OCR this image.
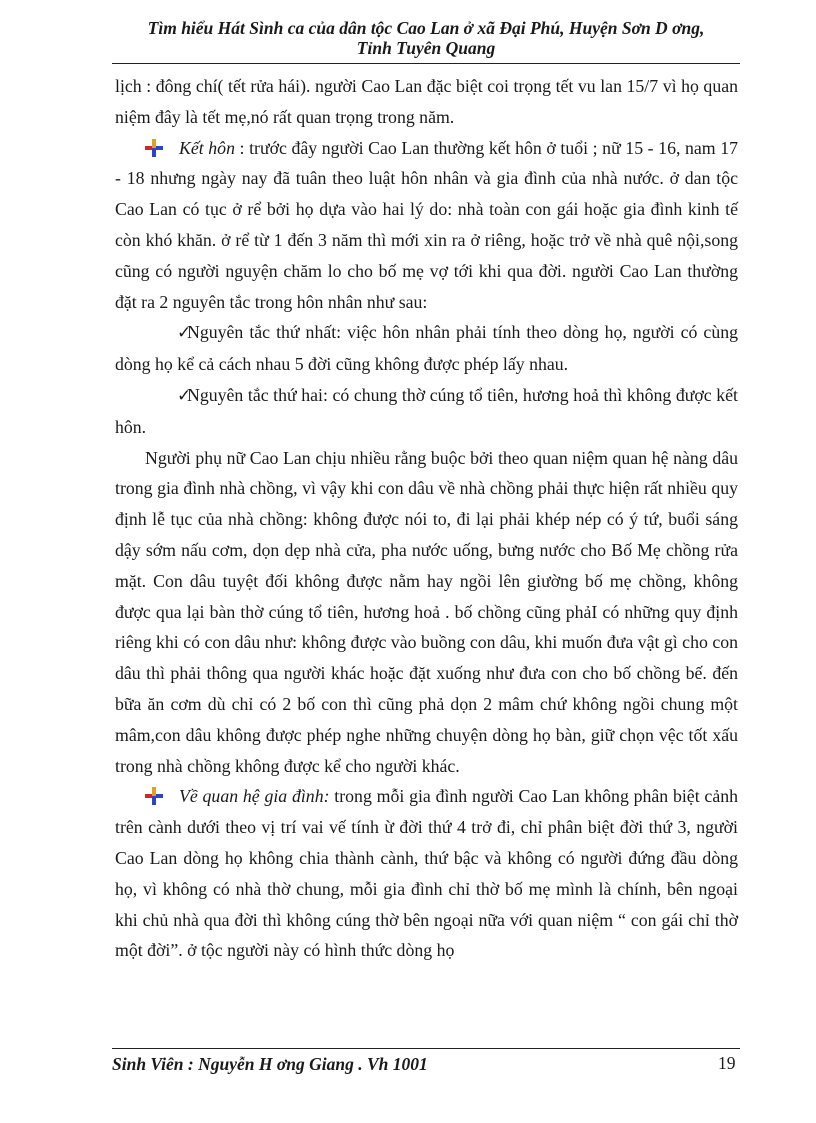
Tìm hiểu Hát Sình ca của dân tộc Cao Lan ở xã Đại Phú, Huyện Sơn D ơng,
Tỉnh Tuyên Quang

lịch : đông chí( tết rửa hái). người Cao Lan đặc biệt coi trọng tết vu lan 15/7 vì họ quan niệm đây là tết mẹ,nó rất quan trọng trong năm.

Kết hôn : trước đây người Cao Lan thường kết hôn ở tuổi ; nữ 15 - 16, nam 17 - 18 nhưng ngày nay đã tuân theo luật hôn nhân và gia đình của nhà nước. ở dan tộc Cao Lan có tục ở rể bởi họ dựa vào hai lý do: nhà toàn con gái hoặc gia đình kinh tế còn khó khăn. ở rể từ 1 đến 3 năm thì mới xin ra ở riêng, hoặc trở về nhà quê nội,song cũng có người nguyện chăm lo cho bố mẹ vợ tới khi qua đời. người Cao Lan thường đặt ra 2 nguyên tắc trong hôn nhân như sau:

✓Nguyên tắc thứ nhất: việc hôn nhân phải tính theo dòng họ, người có cùng dòng họ kể cả cách nhau 5 đời cũng không được phép lấy nhau.

✓Nguyên tắc thứ hai: có chung thờ cúng tổ tiên, hương hoả thì không được kết hôn.

Người phụ nữ Cao Lan chịu nhiều rằng buộc bởi theo quan niệm quan hệ nàng dâu trong gia đình nhà chồng, vì vậy khi con dâu về nhà chồng phải thực hiện rất nhiều quy định lễ tục của nhà chồng: không được nói to, đi lại phải khép nép có ý tứ, buổi sáng dậy sớm nấu cơm, dọn dẹp nhà cửa, pha nước uống, bưng nước cho Bố Mẹ chồng rửa mặt. Con dâu tuyệt đối không được nằm hay ngồi lên giường bố mẹ chồng, không được qua lại bàn thờ cúng tổ tiên, hương hoả . bố chồng cũng phảI có những quy định riêng khi có con dâu như: không được vào buồng con dâu, khi muốn đưa vật gì cho con dâu thì phải thông qua người khác hoặc đặt xuống như đưa con cho bố chồng bế. đến bữa ăn cơm dù chỉ có 2 bố con thì cũng phả dọn 2 mâm chứ không ngồi chung một mâm,con dâu không được phép nghe những chuyện dòng họ bàn, giữ chọn vệc tốt xấu trong nhà chồng không được kể cho người khác.

Về quan hệ gia đình: trong mỗi gia đình người Cao Lan không phân biệt cảnh trên cành dưới theo vị trí vai vế tính ừ đời thứ 4 trở đi, chỉ phân biệt đời thứ 3, người Cao Lan dòng họ không chia thành cành, thứ bậc và không có người đứng đầu dòng họ, vì không có nhà thờ chung, mỗi gia đình chỉ thờ bố mẹ mình là chính, bên ngoại khi chủ nhà qua đời thì không cúng thờ bên ngoại nữa với quan niệm “ con gái chỉ thờ một đời”. ở tộc người này có hình thức dòng họ

Sinh Viên : Nguyễn H ơng Giang . Vh 1001	19
